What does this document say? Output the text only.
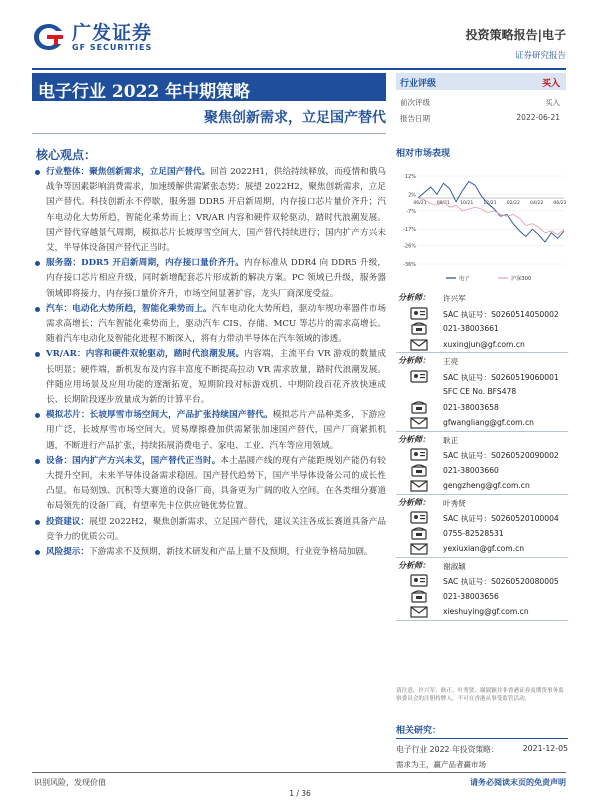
广发证券
GF SECURITIES
投资策略报告|电子
证券研究报告
电子行业 2022 年中期策略
聚焦创新需求，立足国产替代
核心观点：

行业整体：聚焦创新需求，立足国产替代。回首 2022H1，供给持续释放，而疫情和俄乌战争等因素影响消费需求，加速缓解供需紧张态势；展望 2022H2，聚焦创新需求，立足国产替代。科技创新永不停歇，服务器 DDR5 开启新周期，内存接口芯片量价齐升；汽车电动化大势所趋，智能化乘势而上；VR/AR 内容和硬件双轮驱动，踏时代浪潮发展。国产替代穿越景气周期，模拟芯片长坡厚雪空间大，国产替代持续进行；国内扩产方兴未艾，半导体设备国产替代正当时。

服务器：DDR5 开启新周期，内存接口量价齐升。内存标准从 DDR4 向 DDR5 升级，内存接口芯片相应升级，同时新增配套芯片形成新的解决方案。PC 领域已升级，服务器领域即将接力，内存接口量价齐升，市场空间显著扩容，龙头厂商深度受益。

汽车：电动化大势所趋，智能化乘势而上。汽车电动化大势所趋，驱动车规功率器件市场需求高增长；汽车智能化乘势而上，驱动汽车 CIS、存储、MCU 等芯片的需求高增长。随着汽车电动化及智能化进程不断深入，将有力带动半导体在汽车领域的渗透。

VR/AR：内容和硬件双轮驱动，踏时代浪潮发展。内容端，主流平台 VR 游戏的数量成长明显；硬件端，新机发布及内容丰富度不断提高拉动 VR 需求放量，踏时代浪潮发展。伴随应用场景及应用功能的逐渐拓宽，短期阶段对标游戏机、中期阶段百花齐放快速成长、长期阶段逐步放量成为新的计算平台。

模拟芯片：长坡厚雪市场空间大，产品扩张持续国产替代。模拟芯片产品种类多，下游应用广泛，长坡厚雪市场空间大。贸易摩擦叠加供需紧张加速国产替代，国产厂商紧抓机遇，不断进行产品扩张，持续拓展消费电子、家电、工业、汽车等应用领域。

设备：国内扩产方兴未艾，国产替代正当时。本土晶圆产线的现有产能距规划产能仍有较大提升空间，未来半导体设备需求稳固。国产替代趋势下，国产半导体设备公司的成长性凸显。布局刻蚀、沉积等大赛道的设备厂商，具备更为广阔的收入空间。在各类细分赛道布局领先的设备厂商，有望率先卡位供应链优势位置。

投资建议：展望 2022H2，聚焦创新需求，立足国产替代，建议关注各成长赛道具备产品竞争力的优质公司。

风险提示：下游需求不及预期，新技术研发和产品上量不及预期，行业竞争格局加剧。

行业评级	买入
前次评级	买入
报告日期	2022-06-21
相对市场表现
12%
2%
-7%
-17%
-26%
-36%
06/21 08/21 10/21 12/21 02/22 04/22 06/22
电子	沪深300
分析师： 许兴军
SAC 执证号：S0260514050002
021-38003661
xuxingjun@gf.com.cn
分析师： 王亮
SAC 执证号：S0260519060001
SFC CE No. BFS478
021-38003658
gfwangliang@gf.com.cn
分析师： 耿正
SAC 执证号：S0260520090002
021-38003660
gengzheng@gf.com.cn
分析师： 叶秀贤
SAC 执证号：S0260520100004
0755-82528531
yexiuxian@gf.com.cn
分析师： 谢淑颖
SAC 执证号：S0260520080005
021-38003656
xieshuying@gf.com.cn
请注意，许兴军、耿正、叶秀贤、谢淑颖并非香港证券及期货事务监察委员会的注册持牌人，不可在香港从事受监管活动。
相关研究：
电子行业 2022 年投资策略：	2021-12-05
需求为王，赢产品者赢市场
识别风险，发现价值	请务必阅读末页的免责声明
1 / 36
